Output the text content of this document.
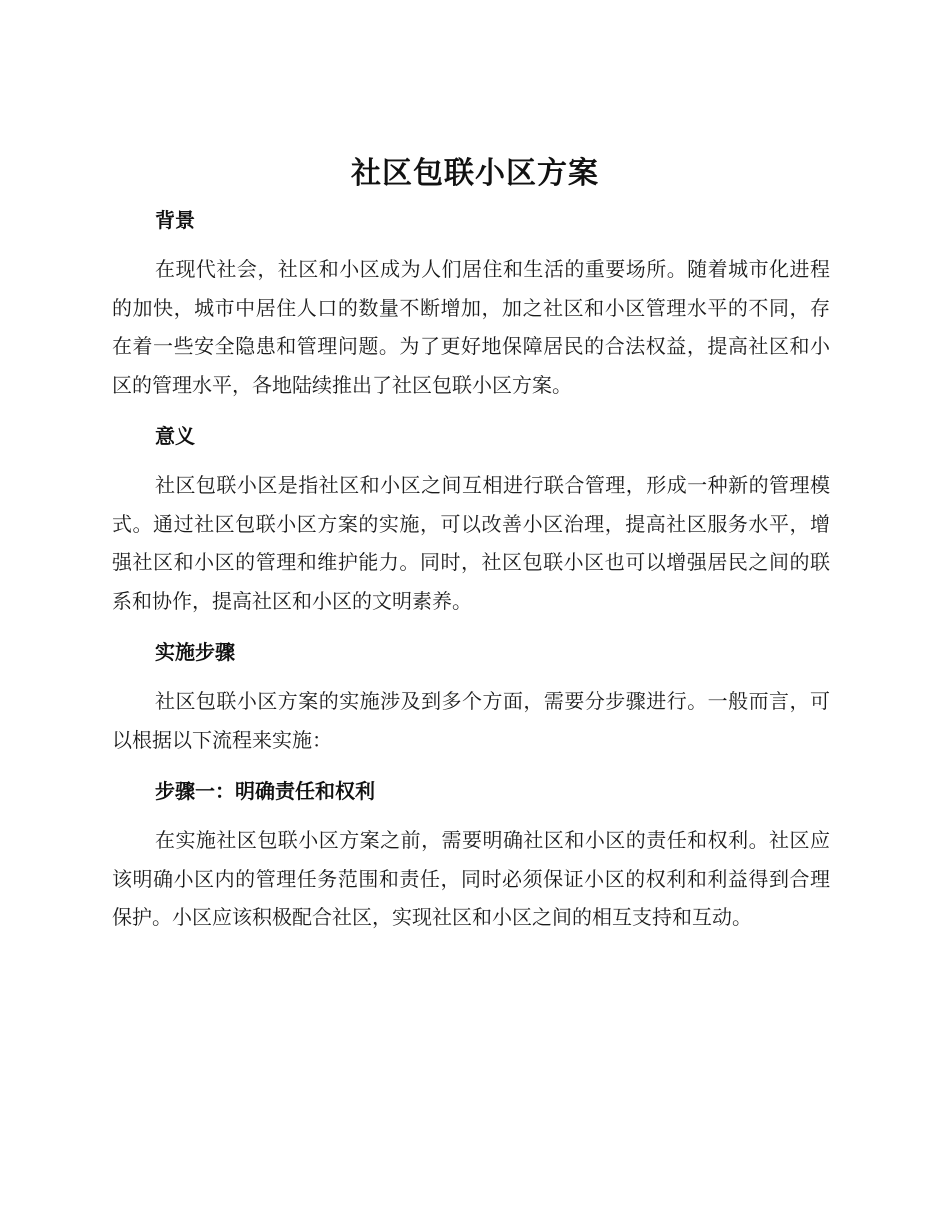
社区包联小区方案
背景

在现代社会，社区和小区成为人们居住和生活的重要场所。随着城市化进程的加快，城市中居住人口的数量不断增加，加之社区和小区管理水平的不同，存在着一些安全隐患和管理问题。为了更好地保障居民的合法权益，提高社区和小区的管理水平，各地陆续推出了社区包联小区方案。

意义

社区包联小区是指社区和小区之间互相进行联合管理，形成一种新的管理模式。通过社区包联小区方案的实施，可以改善小区治理，提高社区服务水平，增强社区和小区的管理和维护能力。同时，社区包联小区也可以增强居民之间的联系和协作，提高社区和小区的文明素养。

实施步骤

社区包联小区方案的实施涉及到多个方面，需要分步骤进行。一般而言，可以根据以下流程来实施：

步骤一：明确责任和权利

在实施社区包联小区方案之前，需要明确社区和小区的责任和权利。社区应该明确小区内的管理任务范围和责任，同时必须保证小区的权利和利益得到合理保护。小区应该积极配合社区，实现社区和小区之间的相互支持和互动。
